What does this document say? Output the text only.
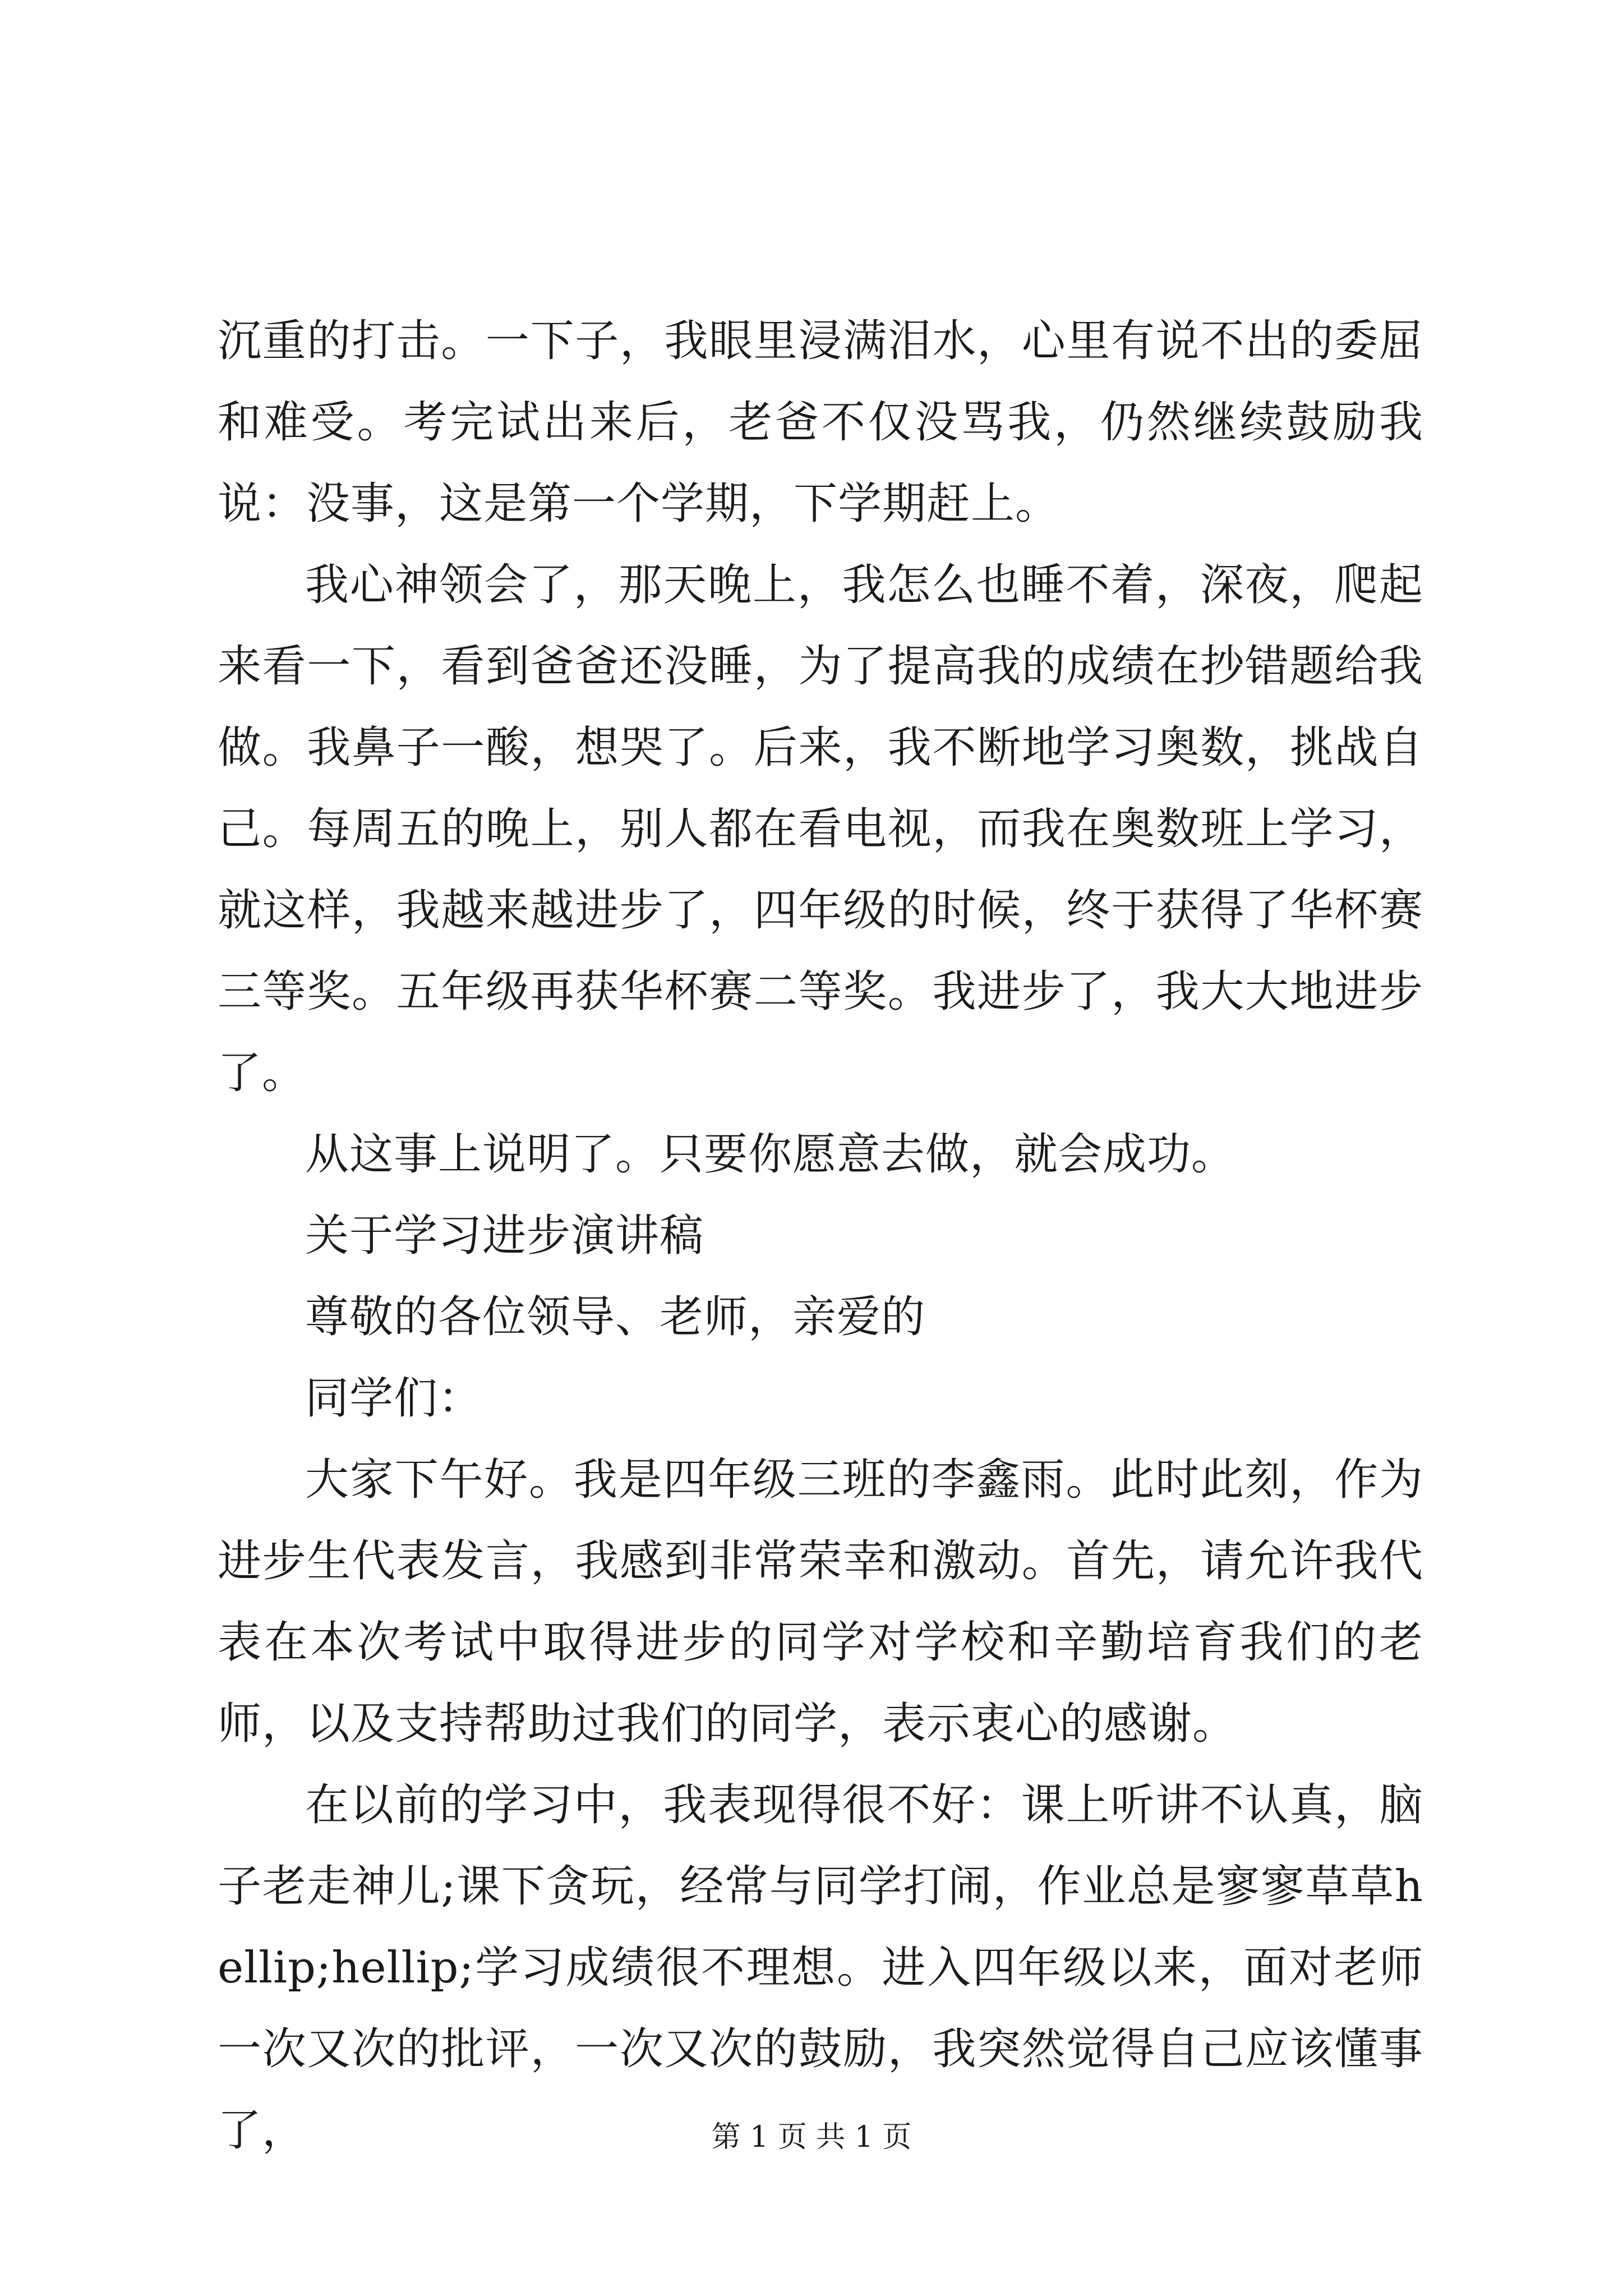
沉重的打击。一下子，我眼里浸满泪水，心里有说不出的委屈和难受。考完试出来后，老爸不仅没骂我，仍然继续鼓励我说：没事，这是第一个学期，下学期赶上。

我心神领会了，那天晚上，我怎么也睡不着，深夜，爬起来看一下，看到爸爸还没睡，为了提高我的成绩在抄错题给我做。我鼻子一酸，想哭了。后来，我不断地学习奥数，挑战自己。每周五的晚上，别人都在看电视，而我在奥数班上学习，就这样，我越来越进步了，四年级的时候，终于获得了华杯赛三等奖。五年级再获华杯赛二等奖。我进步了，我大大地进步了。

从这事上说明了。只要你愿意去做，就会成功。

关于学习进步演讲稿

尊敬的各位领导、老师，亲爱的

同学们：

大家下午好。我是四年级三班的李鑫雨。此时此刻，作为进步生代表发言，我感到非常荣幸和激动。首先，请允许我代表在本次考试中取得进步的同学对学校和辛勤培育我们的老师，以及支持帮助过我们的同学，表示衷心的感谢。

在以前的学习中，我表现得很不好：课上听讲不认真，脑子老走神儿;课下贪玩，经常与同学打闹，作业总是寥寥草草hellip;hellip;学习成绩很不理想。进入四年级以来，面对老师一次又次的批评，一次又次的鼓励，我突然觉得自己应该懂事了，	第 1 页 共 1 页
